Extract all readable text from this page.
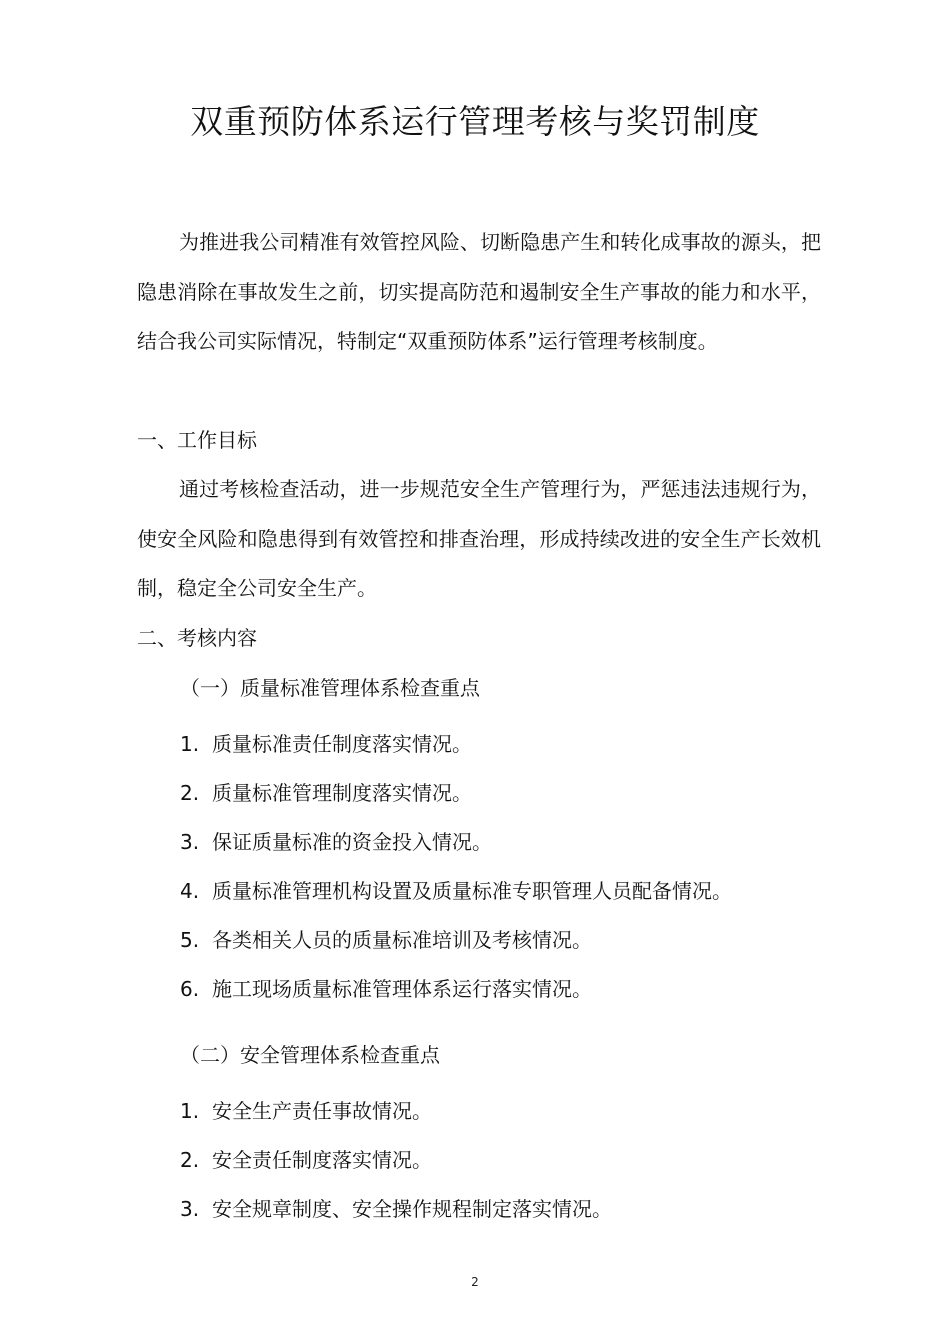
双重预防体系运行管理考核与奖罚制度

为推进我公司精准有效管控风险、切断隐患产生和转化成事故的源头，把隐患消除在事故发生之前，切实提高防范和遏制安全生产事故的能力和水平，结合我公司实际情况，特制定“双重预防体系”运行管理考核制度。

一、工作目标

通过考核检查活动，进一步规范安全生产管理行为，严惩违法违规行为，使安全风险和隐患得到有效管控和排查治理，形成持续改进的安全生产长效机制，稳定全公司安全生产。

二、考核内容
（一）质量标准管理体系检查重点
1. 质量标准责任制度落实情况。
2. 质量标准管理制度落实情况。
3. 保证质量标准的资金投入情况。
4. 质量标准管理机构设置及质量标准专职管理人员配备情况。
5. 各类相关人员的质量标准培训及考核情况。
6. 施工现场质量标准管理体系运行落实情况。
（二）安全管理体系检查重点
1. 安全生产责任事故情况。
2. 安全责任制度落实情况。
3. 安全规章制度、安全操作规程制定落实情况。
2
